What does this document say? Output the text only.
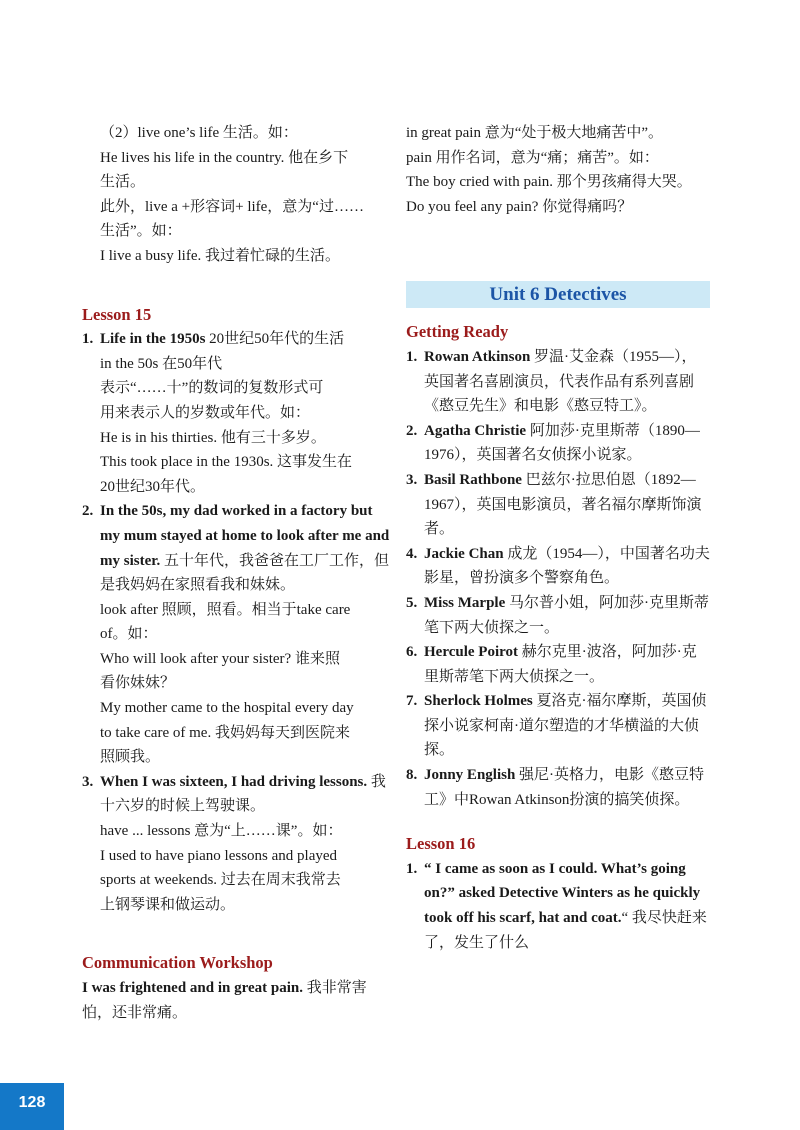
（2）live one’s life 生活。如：

He lives his life in the country. 他在乡下

生活。

此外，live a +形容词+ life，意为“过……

生活”。如：

I live a busy life. 我过着忙碌的生活。

Lesson 15
1. Life in the 1950s 20世纪50年代的生活

in the 50s 在50年代

表示“……十”的数词的复数形式可

用来表示人的岁数或年代。如：

He is in his thirties. 他有三十多岁。

This took place in the 1930s. 这事发生在

20世纪30年代。

2. In the 50s, my dad worked in a factory but my mum stayed at home to look after me and my sister. 五十年代，我爸爸在工厂工作，但是我妈妈在家照看我和妹妹。

look after 照顾，照看。相当于take care

of。如：

Who will look after your sister? 谁来照

看你妹妹？

My mother came to the hospital every day

to take care of me. 我妈妈每天到医院来

照顾我。

3. When I was sixteen, I had driving lessons. 我十六岁的时候上驾驶课。

have ... lessons 意为“上……课”。如：

I used to have piano lessons and played

sports at weekends. 过去在周末我常去

上钢琴课和做运动。

Communication Workshop

I was frightened and in great pain. 我非常害怕，还非常痛。

in great pain 意为“处于极大地痛苦中”。

pain 用作名词，意为“痛；痛苦”。如：

The boy cried with pain. 那个男孩痛得大哭。

Do you feel any pain? 你觉得痛吗？

Unit 6 Detectives
Getting Ready
1. Rowan Atkinson 罗温·艾金森（1955—），英国著名喜剧演员，代表作品有系列喜剧《憨豆先生》和电影《憨豆特工》。

2. Agatha Christie 阿加莎·克里斯蒂（1890—1976），英国著名女侦探小说家。

3. Basil Rathbone 巴兹尔·拉思伯恩（1892—1967），英国电影演员，著名福尔摩斯饰演者。

4. Jackie Chan 成龙（1954—），中国著名功夫影星，曾扮演多个警察角色。

5. Miss Marple 马尔普小姐，阿加莎·克里斯蒂笔下两大侦探之一。

6. Hercule Poirot 赫尔克里·波洛，阿加莎·克里斯蒂笔下两大侦探之一。

7. Sherlock Holmes 夏洛克·福尔摩斯，英国侦探小说家柯南·道尔塑造的才华横溢的大侦探。

8. Jonny English 强尼·英格力，电影《憨豆特工》中Rowan Atkinson扮演的搞笑侦探。

Lesson 16
1. “ I came as soon as I could. What’s going on?” asked Detective Winters as he quickly took off his scarf, hat and coat.“ 我尽快赶来了，发生了什么

128
